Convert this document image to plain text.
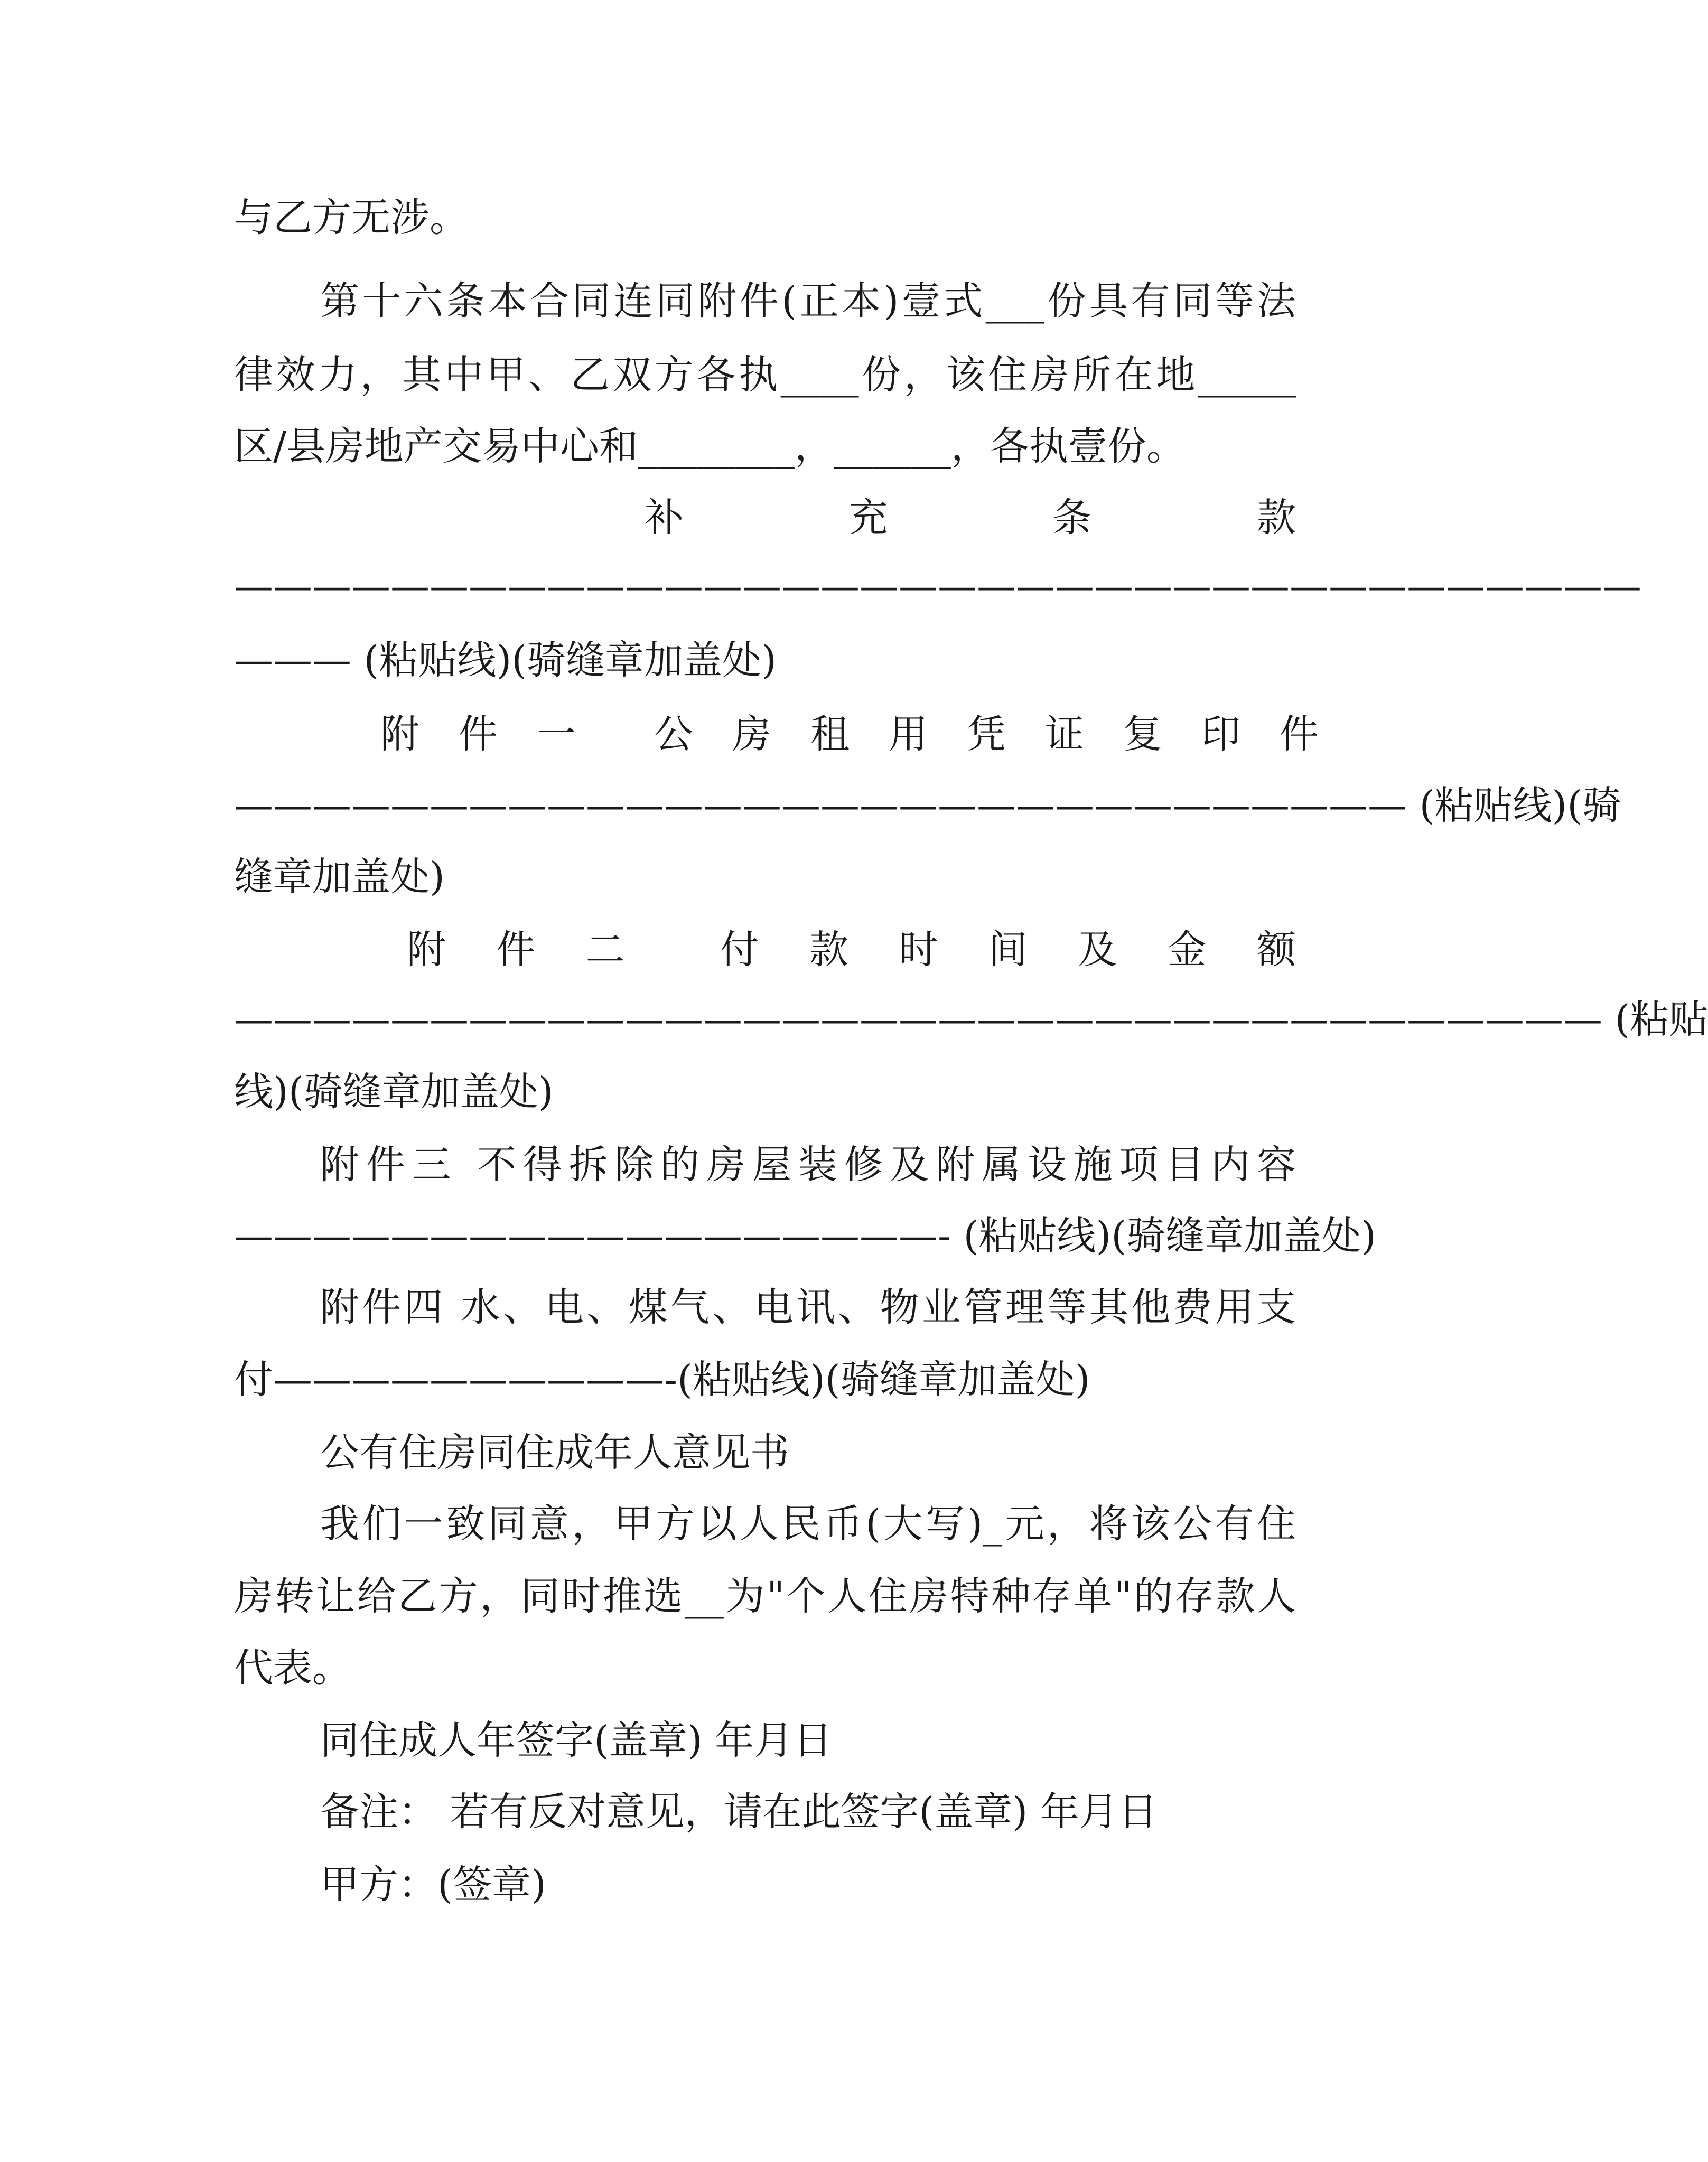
与乙方无涉。
第十六条本合同连同附件(正本)壹式___份具有同等法
律效力，其中甲、乙双方各执____份，该住房所在地_____
区/县房地产交易中心和________，______，各执壹份。
补　　　　充　　　　条　　　　款
————————————————————————————————————
——— (粘贴线)(骑缝章加盖处)
附　件　一　　公　房　租　用　凭　证　复　印　件
—————————————————————————————— (粘贴线)(骑
缝章加盖处)
附　件　二　　付　款　时　间　及　金　额
——————————————————————————————————— (粘贴
线)(骑缝章加盖处)
附件三 不得拆除的房屋装修及附属设施项目内容
——————————————————- (粘贴线)(骑缝章加盖处)
附件四 水、电、煤气、电讯、物业管理等其他费用支
付——————————-(粘贴线)(骑缝章加盖处)
公有住房同住成年人意见书
我们一致同意，甲方以人民币(大写)_元，将该公有住
房转让给乙方，同时推选__为"个人住房特种存单"的存款人
代表。
同住成人年签字(盖章) 年月日
备注： 若有反对意见，请在此签字(盖章) 年月日
甲方：(签章)
